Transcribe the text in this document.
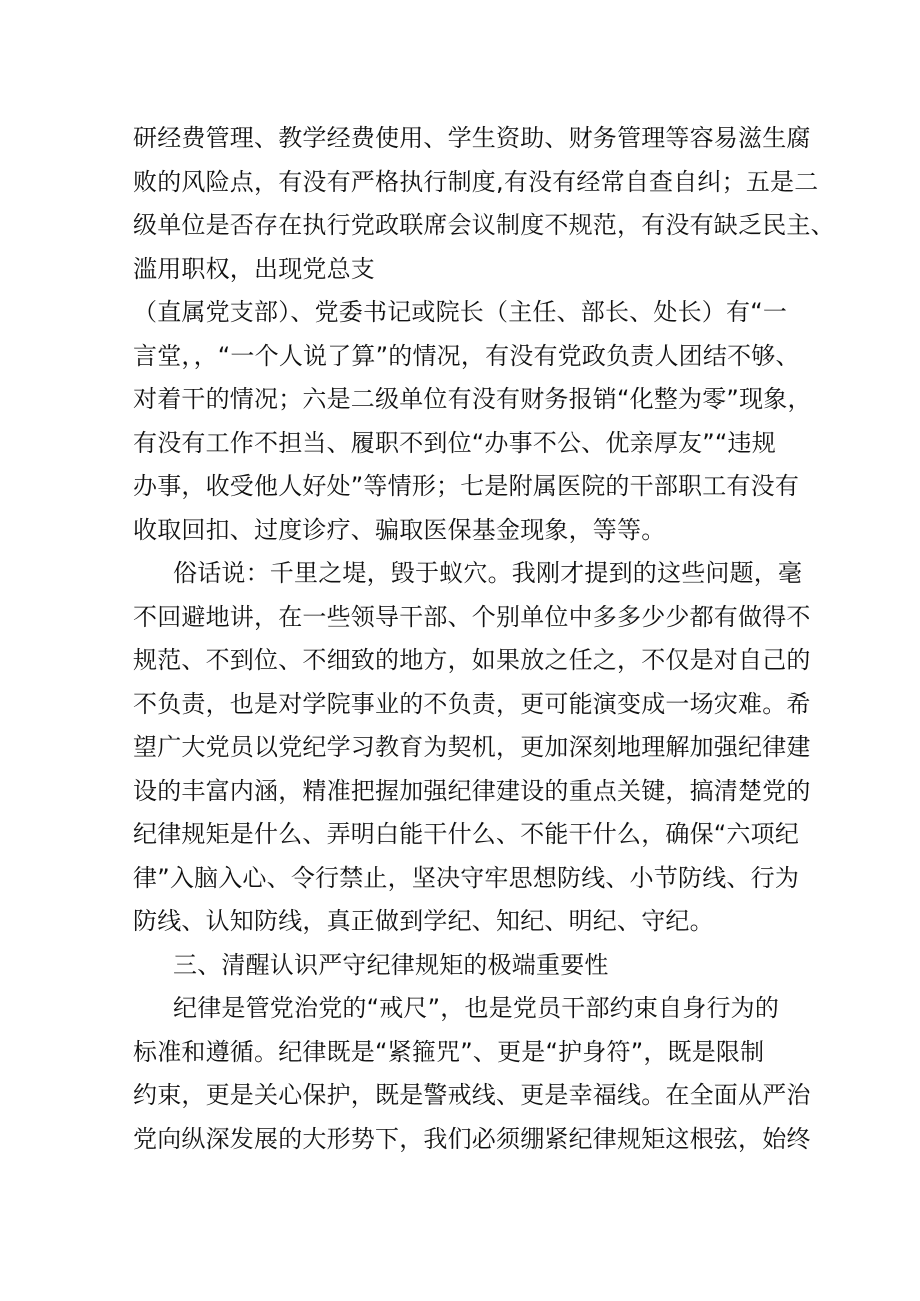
研经费管理、教学经费使用、学生资助、财务管理等容易滋生腐
败的风险点，有没有严格执行制度,有没有经常自查自纠；五是二
级单位是否存在执行党政联席会议制度不规范，有没有缺乏民主、
滥用职权，出现党总支
（直属党支部）、党委书记或院长（主任、部长、处长）有“一
言堂，，“一个人说了算”的情况，有没有党政负责人团结不够、
对着干的情况；六是二级单位有没有财务报销“化整为零”现象，
有没有工作不担当、履职不到位“办事不公、优亲厚友”“违规
办事，收受他人好处”等情形；七是附属医院的干部职工有没有
收取回扣、过度诊疗、骗取医保基金现象，等等。
俗话说：千里之堤，毁于蚁穴。我刚才提到的这些问题，毫
不回避地讲，在一些领导干部、个别单位中多多少少都有做得不
规范、不到位、不细致的地方，如果放之任之，不仅是对自己的
不负责，也是对学院事业的不负责，更可能演变成一场灾难。希
望广大党员以党纪学习教育为契机，更加深刻地理解加强纪律建
设的丰富内涵，精准把握加强纪律建设的重点关键，搞清楚党的
纪律规矩是什么、弄明白能干什么、不能干什么，确保“六项纪
律”入脑入心、令行禁止，坚决守牢思想防线、小节防线、行为
防线、认知防线，真正做到学纪、知纪、明纪、守纪。
三、清醒认识严守纪律规矩的极端重要性
纪律是管党治党的“戒尺”，也是党员干部约束自身行为的
标准和遵循。纪律既是“紧箍咒”、更是“护身符”，既是限制
约束，更是关心保护，既是警戒线、更是幸福线。在全面从严治
党向纵深发展的大形势下，我们必须绷紧纪律规矩这根弦，始终
